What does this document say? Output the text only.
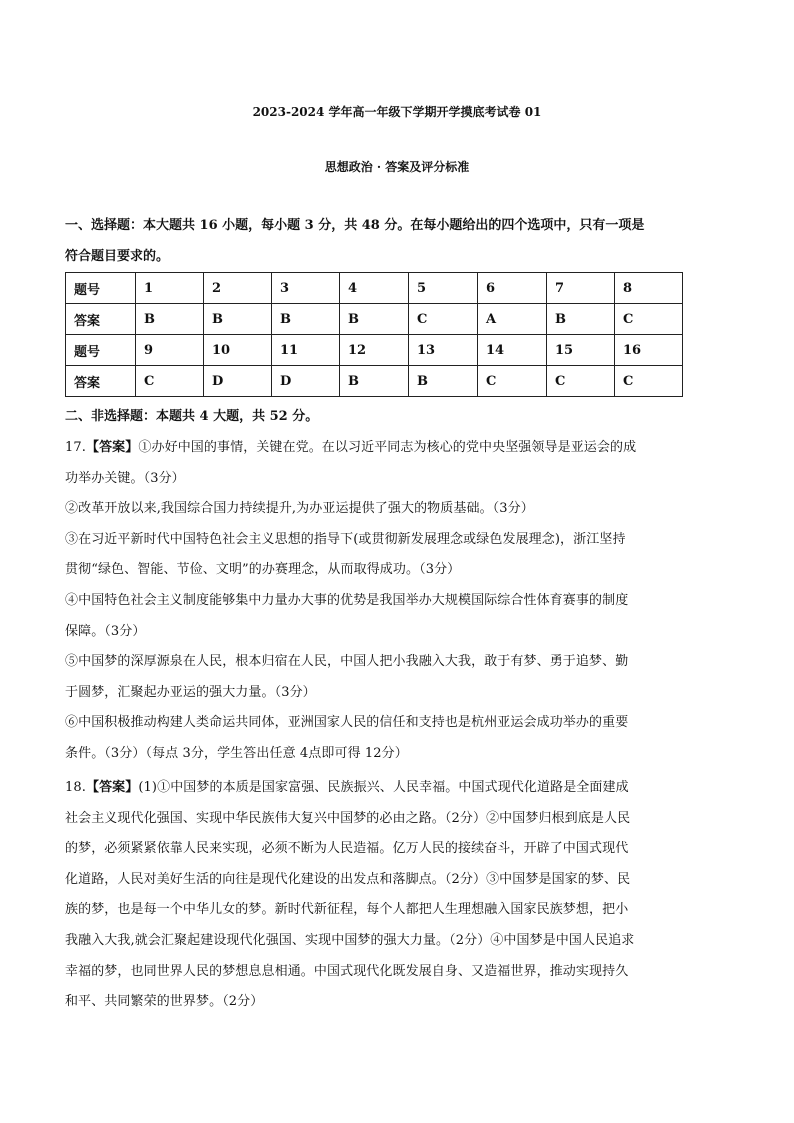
2023-2024 学年高一年级下学期开学摸底考试卷 01
思想政治 · 答案及评分标准
一、选择题：本大题共 16 小题，每小题 3 分，共 48 分。在每小题给出的四个选项中，只有一项是
符合题目要求的。
题号	1	2	3	4	5	6	7	8
答案	B	B	B	B	C	A	B	C
题号	9	10	11	12	13	14	15	16
答案	C	D	D	B	B	C	C	C
二、非选择题：本题共 4 大题，共 52 分。
17.【答案】①办好中国的事情，关键在党。在以习近平同志为核心的党中央坚强领导是亚运会的成
功举办关键。（3分）
②改革开放以来,我国综合国力持续提升,为办亚运提供了强大的物质基础。（3分）
③在习近平新时代中国特色社会主义思想的指导下(或贯彻新发展理念或绿色发展理念)，浙江坚持
贯彻“绿色、智能、节俭、文明”的办赛理念，从而取得成功。（3分）
④中国特色社会主义制度能够集中力量办大事的优势是我国举办大规模国际综合性体育赛事的制度
保障。（3分）
⑤中国梦的深厚源泉在人民，根本归宿在人民，中国人把小我融入大我，敢于有梦、勇于追梦、勤
于圆梦，汇聚起办亚运的强大力量。（3分）
⑥中国积极推动构建人类命运共同体，亚洲国家人民的信任和支持也是杭州亚运会成功举办的重要
条件。（3分）（每点 3分，学生答出任意 4点即可得 12分）
18.【答案】(1)①中国梦的本质是国家富强、民族振兴、人民幸福。中国式现代化道路是全面建成
社会主义现代化强国、实现中华民族伟大复兴中国梦的必由之路。（2分）②中国梦归根到底是人民
的梦，必须紧紧依靠人民来实现，必须不断为人民造福。亿万人民的接续奋斗，开辟了中国式现代
化道路，人民对美好生活的向往是现代化建设的出发点和落脚点。（2分）③中国梦是国家的梦、民
族的梦，也是每一个中华儿女的梦。新时代新征程，每个人都把人生理想融入国家民族梦想，把小
我融入大我,就会汇聚起建设现代化强国、实现中国梦的强大力量。（2分）④中国梦是中国人民追求
幸福的梦，也同世界人民的梦想息息相通。中国式现代化既发展自身、又造福世界，推动实现持久
和平、共同繁荣的世界梦。（2分）
